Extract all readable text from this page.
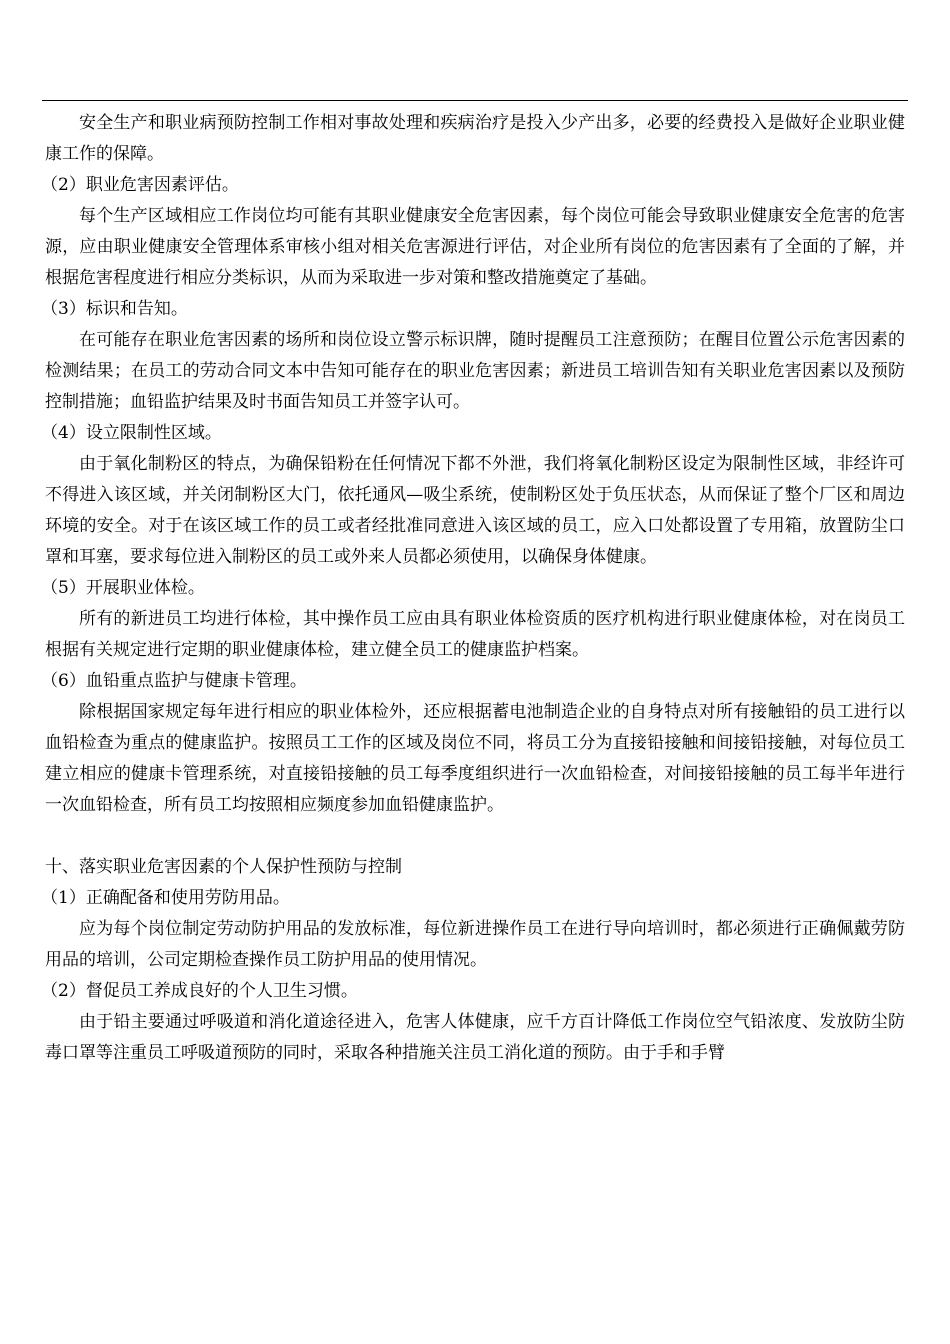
安全生产和职业病预防控制工作相对事故处理和疾病治疗是投入少产出多，必要的经费投入是做好企业职业健康工作的保障。

（2）职业危害因素评估。

每个生产区域相应工作岗位均可能有其职业健康安全危害因素，每个岗位可能会导致职业健康安全危害的危害源，应由职业健康安全管理体系审核小组对相关危害源进行评估，对企业所有岗位的危害因素有了全面的了解，并根据危害程度进行相应分类标识，从而为采取进一步对策和整改措施奠定了基础。

（3）标识和告知。

在可能存在职业危害因素的场所和岗位设立警示标识牌，随时提醒员工注意预防；在醒目位置公示危害因素的检测结果；在员工的劳动合同文本中告知可能存在的职业危害因素；新进员工培训告知有关职业危害因素以及预防控制措施；血铅监护结果及时书面告知员工并签字认可。

（4）设立限制性区域。

由于氧化制粉区的特点，为确保铅粉在任何情况下都不外泄，我们将氧化制粉区设定为限制性区域，非经许可不得进入该区域，并关闭制粉区大门，依托通风—吸尘系统，使制粉区处于负压状态，从而保证了整个厂区和周边环境的安全。对于在该区域工作的员工或者经批准同意进入该区域的员工，应入口处都设置了专用箱，放置防尘口罩和耳塞，要求每位进入制粉区的员工或外来人员都必须使用，以确保身体健康。

（5）开展职业体检。

所有的新进员工均进行体检，其中操作员工应由具有职业体检资质的医疗机构进行职业健康体检，对在岗员工根据有关规定进行定期的职业健康体检，建立健全员工的健康监护档案。

（6）血铅重点监护与健康卡管理。

除根据国家规定每年进行相应的职业体检外，还应根据蓄电池制造企业的自身特点对所有接触铅的员工进行以血铅检查为重点的健康监护。按照员工工作的区域及岗位不同，将员工分为直接铅接触和间接铅接触，对每位员工建立相应的健康卡管理系统，对直接铅接触的员工每季度组织进行一次血铅检查，对间接铅接触的员工每半年进行一次血铅检查，所有员工均按照相应频度参加血铅健康监护。

十、落实职业危害因素的个人保护性预防与控制

（1）正确配备和使用劳防用品。

应为每个岗位制定劳动防护用品的发放标准，每位新进操作员工在进行导向培训时，都必须进行正确佩戴劳防用品的培训，公司定期检查操作员工防护用品的使用情况。

（2）督促员工养成良好的个人卫生习惯。

由于铅主要通过呼吸道和消化道途径进入，危害人体健康，应千方百计降低工作岗位空气铅浓度、发放防尘防毒口罩等注重员工呼吸道预防的同时，采取各种措施关注员工消化道的预防。由于手和手臂
